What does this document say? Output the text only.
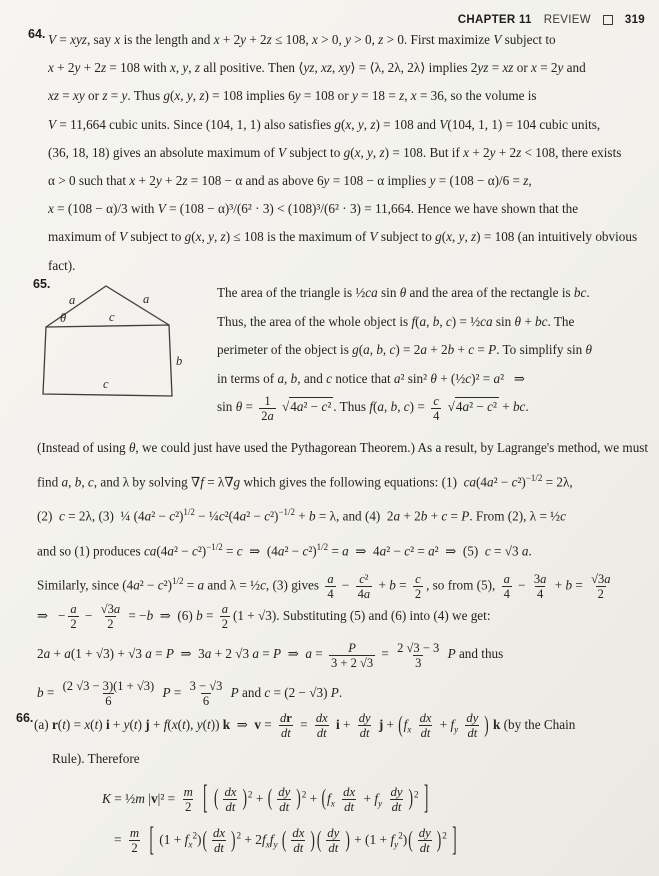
CHAPTER 11 REVIEW	319
64. V = xyz, say x is the length and x + 2y + 2z ≤ 108, x > 0, y > 0, z > 0. First maximize V subject to
x + 2y + 2z = 108 with x, y, z all positive. Then ⟨yz, xz, xy⟩ = ⟨λ, 2λ, 2λ⟩ implies 2yz = xz or x = 2y and
xz = xy or z = y. Thus g(x, y, z) = 108 implies 6y = 108 or y = 18 = z, x = 36, so the volume is
V = 11,664 cubic units. Since (104, 1, 1) also satisfies g(x, y, z) = 108 and V(104, 1, 1) = 104 cubic units,
(36, 18, 18) gives an absolute maximum of V subject to g(x, y, z) = 108. But if x + 2y + 2z < 108, there exists
α > 0 such that x + 2y + 2z = 108 − α and as above 6y = 108 − α implies y = (108 − α)/6 = z,
x = (108 − α)/3 with V = (108 − α)³/(6² · 3) < (108)³/(6² · 3) = 11,664. Hence we have shown that the
maximum of V subject to g(x, y, z) ≤ 108 is the maximum of V subject to g(x, y, z) = 108 (an intuitively obvious
fact).
65.
a	a
θ	c
b
c
The area of the triangle is ½ca sin θ and the area of the rectangle is bc.
Thus, the area of the whole object is f(a, b, c) = ½ca sin θ + bc. The
perimeter of the object is g(a, b, c) = 2a + 2b + c = P. To simplify sin θ
in terms of a, b, and c notice that a² sin² θ + (½c)² = a²   ⇒
$\sin \theta = \frac{1}{2a} √4a^2 - c^2$ . Thus f(a, b, $c) = \frac{c}{4} √4a^2 - c^2$ + bc.
(Instead of using θ, we could just have used the Pythagorean Theorem.) As a result, by Lagrange's method, we must
find a, b, c, and λ by solving ∇f = λ∇g which gives the following equations: (1)  $ca(4a^2 - c^2)^{-1/2} = 2\lambda$,
(2)  c = 2λ, (3)  ¼ $(4a^2 - c^2)^{1/2}$ − ¼c²(4a² − c²)$^{-1/2}$ + b = λ, and (4)  2a + 2b + c = P. From (2), λ = ½c
and so (1) produces $ca(4a^2 - c^2)^{-1/2} = c$  ⇒  $(4a^2 - c^2)^{1/2} = a$  ⇒  4a² − c² = a²  ⇒  (5)  c = √3 a.
Similarly, since $(4a^2 - c^2)^{1/2} = a$ and λ = ½c, (3) gives $\frac{a}{4} - \frac{\text{c²}}{4a} + b = \frac{c}{2}$ , so from (5), $\frac{a}{4} - \frac{3a}{4} + b = \frac{√3a}{2}$
⇒   − $\frac{a}{2} - \frac{√3a}{2} = -b$  ⇒  (6) $b = \frac{a}{2} (1 + √3)$. Substituting (5) and (6) into (4) we get:
2a + a(1 + √3) + √3 a = P  ⇒  3a + 2 √3 a = P  ⇒  $a = \frac{P}{3 + 2 √3} = \frac{2 √3 - 3}{3}$ P and thus
$b = \frac{(2 √3 - 3)(1 + √3)}{6}$ $P = \frac{3 - √3}{6}$ P and c = (2 − √3) P.
66. (a) r(t) = x(t) i + y(t) j + f(x(t), y(t)) k  ⇒  $v = \frac{dr}{dt} = \frac{dx}{dt}$ $i + \frac{dy}{dt}$ $j + (f_x \frac{dx}{dt} + f_y \frac{dy}{dt}$ ) k (by the Chain
Rule). Therefore
K = ½m $|v|^2 = \frac{m}{2}$ [ ( $\frac{dx}{dt} )^2$ + ( $\frac{dy}{dt} )^2 + (f_x \frac{dx}{dt} + f_y \frac{dy}{dt} )^2$ ]
= $\frac{m}{2}$ [ $(1 + f_x^2)( \frac{dx}{dt} )^2 + 2f_xf_y$ ( $\frac{dx}{dt}$ ) ( $\frac{dy}{dt}$ ) + $(1 + f_y^2)( \frac{dy}{dt} )^2$ ]
